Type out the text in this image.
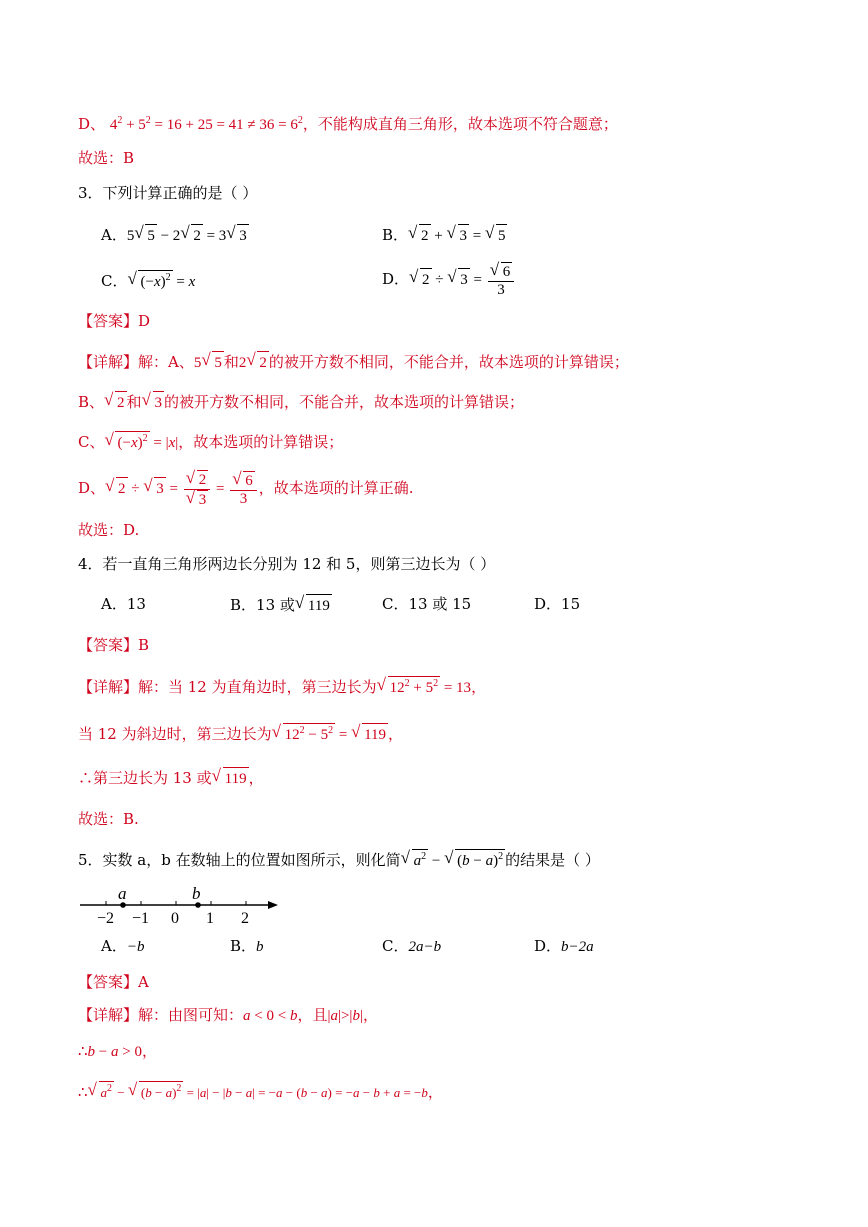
D、 $4^2 + 5^2 = 16 + 25 = 41 \ne 36 = 6^2$，不能构成直角三角形，故本选项不符合题意；
故选：B
3．下列计算正确的是（ ）
A．5 √ 5 − 2 √ 2 = 3 √ 3	B． √ 2 + √ 3 = √ 5
C． √ $(-x)^2 = x$	D． √ 2 ÷ √ 3 = √ $\frac{6}{3}$
【答案】D
【详解】解：A、5 √ 5 和2 √ 2 的被开方数不相同，不能合并，故本选项的计算错误；
B、 √ 2 和 √ 3 的被开方数不相同，不能合并，故本选项的计算错误；
C、 √ $(-x)^2 = |x|$，故本选项的计算错误；
D、 √ 2 ÷ √ 3 = √ 2
√ 3 = √ $\frac{6}{3}$ ，故本选项的计算正确.
故选：D.
4．若一直角三角形两边长分别为 12 和 5，则第三边长为（ ）
A．13	B．13 或 √ 119	C．13 或 15	D．15
【答案】B
【详解】解：当 12 为直角边时，第三边长为 √ $12^2 + 5^2 = 13$，
当 12 为斜边时，第三边长为 √ $12^2 - 5^2$ = √ 119 ，
∴第三边长为 13 或 √ 119 ，
故选：B.
5．实数 a，b 在数轴上的位置如图所示，则化简 √ $a^2$ − √ $(b - a)^2$ 的结果是（ ）
a	b
−2 −1 0 1 2
A．−b	B．b	C．2a−b	D．b−2a
【答案】A
【详解】解：由图可知：a < 0 < b，且|a|>|b|，
∴b − a > 0，
∴ √ $a^2$ − √ $(b - a)^2 = |a| - |b - a| = -a - (b - a) = -a - b + a = -b$，
